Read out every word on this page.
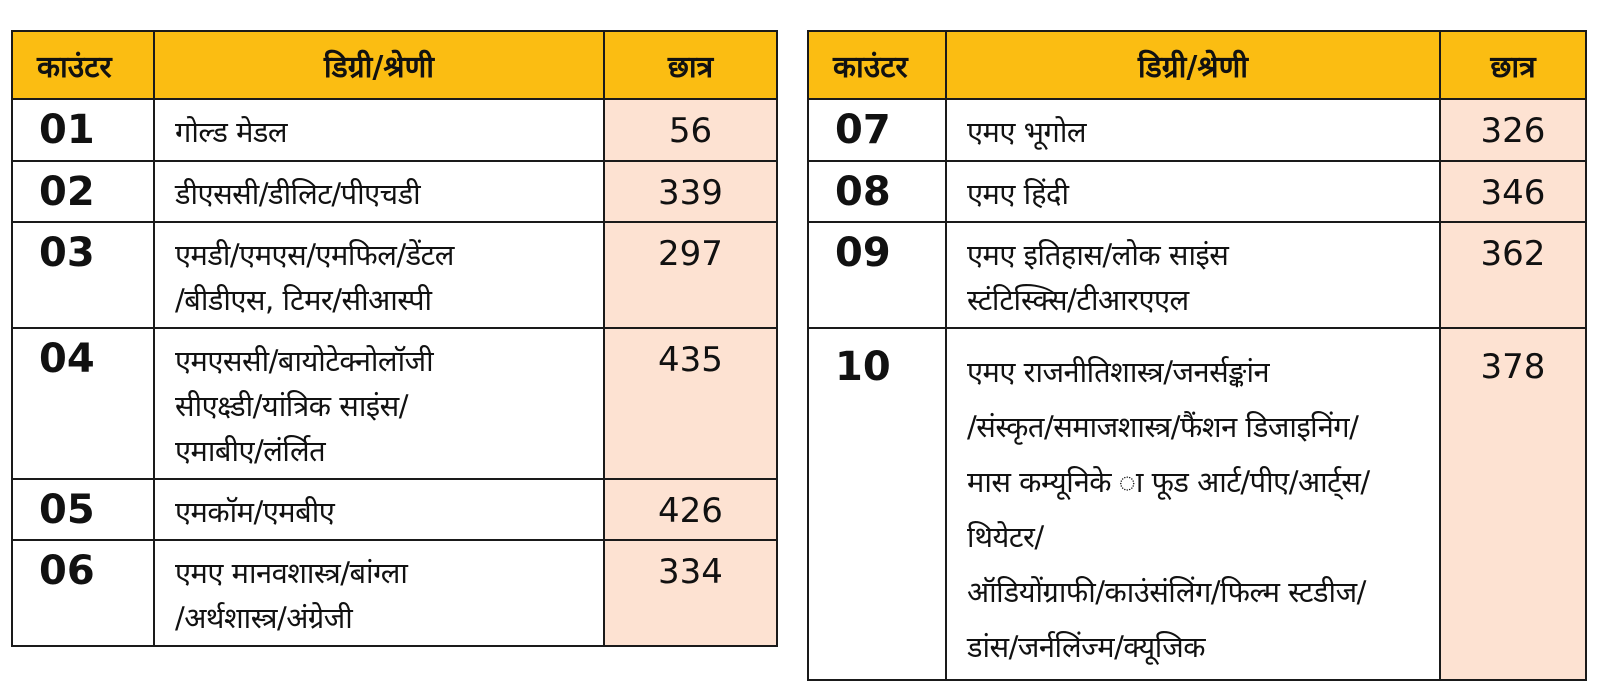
काउंटर	डिग्री/श्रेणी	छात्र
01	गोल्ड मेडल	56
02	डीएससी/डीलिट/पीएचडी	339
03	एमडी/एमएस/एमफिल/डेंटल
/बीडीएस, टिमर/सीआस्पी	297
04	एमएससी/बायोटेक्नोलॉजी
सीएक्ष्डी/यांत्रिक साइंस/
एमाबीए/लंर्लित	435
05	एमकॉम/एमबीए	426
06	एमए मानवशास्त्र/बांग्ला
/अर्थशास्त्र/अंग्रेजी	334
काउंटर	डिग्री/श्रेणी	छात्र
07	एमए भूगोल	326
08	एमए हिंदी	346
09	एमए इतिहास/लोक साइंस
स्टंटिस्क्सि/टीआरएएल	362
10	एमए राजनीतिशास्त्र/जनर्सङ्कांन
/संस्कृत/समाजशास्त्र/फैंशन डिजाइनिंग/
मास कम्यूनिके ा फूड आर्ट/पीए/आर्ट्स/थियेटर/
ऑडियोंग्राफी/काउंसंलिंग/फिल्म स्टडीज/
डांस/जर्नलिंज्म/क्यूजिक	378
